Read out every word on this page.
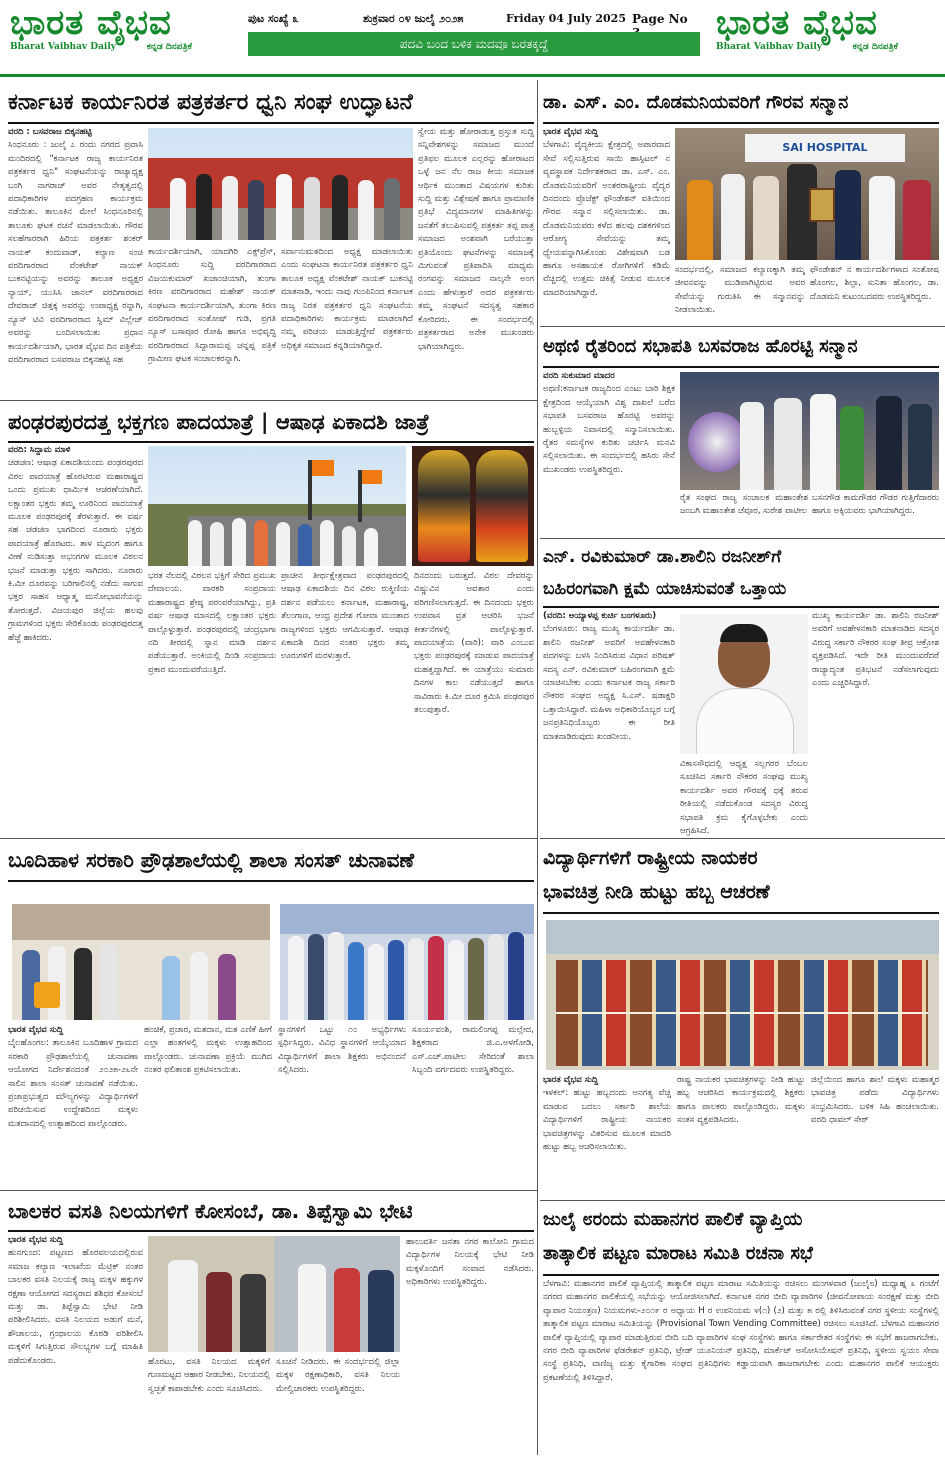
ಭಾರತ ವೈಭವ
Bharat Vaibhav Daily	ಕನ್ನಡ ದಿನಪತ್ರಿಕೆ
ಪುಟ ಸಂಖ್ಯೆ ೩	ಶುಕ್ರವಾರ ೦೪ ಜುಲೈ ೨೦೨೫	Friday 04 July 2025 Page No
ಪದವಿ ಬಂದ ಬಳಿಕ ಮದವೂ ಬರತಕ್ಕದ್ದೆ
ಭಾರತ ವೈಭವ
Bharat Vaibhav Daily	ಕನ್ನಡ ದಿನಪತ್ರಿಕೆ
ಕರ್ನಾಟಕ ಕಾರ್ಯನಿರತ ಪತ್ರಕರ್ತರ ಧ್ವನಿ ಸಂಘ ಉದ್ಘಾಟನೆ
ವರದಿ : ಬಸವರಾಜ ಬಿಕ್ಕನಹಟ್ಟಿ
ಸಿಂಧನೂರು : ಜುಲೈ ೭ ರಂದು ನಗರದ ಪ್ರವಾಸಿ ಮಂದಿರದಲ್ಲಿ "ಕರ್ನಾಟಕ ರಾಜ್ಯ ಕಾರ್ಯನಿರತ ಪತ್ರಕರ್ತರ ಧ್ವನಿ" ಸಂಘಟನೆಯನ್ನು ರಾಜ್ಯಾಧ್ಯಕ್ಷ ಬಂಗಿ ನಾಗರಾಜ್ ಅವರ ನೇತೃತ್ವದಲ್ಲಿ ಪದಾಧಿಕಾರಿಗಳ ಪದಗ್ರಹಣ ಕಾರ್ಯಕ್ರಮ ನಡೆಯಿತು. ತಾಲೂಕಿನ ಮೇಲೆ ಸಿಂಧನೂರಿನಲ್ಲಿ ತಾಲೂಕು ಘಟಕ ರಚನೆ ಮಾಡಲಾಯಿತು. ಗೌರವ ಸಲಹೆಗಾರರಾಗಿ ಹಿರಿಯ ಪತ್ರಕರ್ತ ಶಂಕರ್ ನಾಯಕ್ ಕಂದುವಾಡ್, ಕಲ್ಯಾಣ ಸಂಚಿ ವರದಿಗಾರರಾದ ವೆಂಕಟೇಶ್ ನಾಯಕ್ ಬುಕನಟ್ಟಿಯನ್ನು ಅವರನ್ನು ತಾಲೂಕ ಅಧ್ಯಕ್ಷರ ನ್ಯಾಯ್, ಯುಸಿಸಿ ಚಾನಲ್ ವರದಿಗಾರರಾದ ದೇವರಾಜ್ ಚಿತ್ತಕ್ಕ ಅವರನ್ನು ಉಪಾಧ್ಯಕ್ಷ ರನ್ನಾಗಿ, ನ್ಯೂಸ್ ಟಿವಿ ವರದಿಗಾರರಾದ ಸ್ವಿಮ್ ವಿಲ್ಲೇಜ್ ಅವರನ್ನು ಬಂದಿಸಲಾಯಿತು ಪ್ರಧಾನ ಕಾರ್ಯದರ್ಶಿಯಾಗಿ, ಭಾರತ ವೈಭವ ದಿನ ಪತ್ರಿಕೆಯ ವರದಿಗಾರರಾದ ಬಸವರಾಜ ಬಿಕ್ಕನಹಟ್ಟಿ ಸಹ
ಕಾರ್ಯದರ್ಶಿಯಾಗಿ, ಯಾದಗಿರಿ ಎಕ್ಸ್‌ಪ್ರೆಸ್, ಸಿಂಧನೂರು ಸುದ್ದಿ ವರದಿಗಾರರಾದ ವಿಜಯಕುಮಾರ್ ಖಜಾಂಚಿಯಾಗಿ, ತುಂಗಾ ಕಿರಣ ವರದಿಗಾರರಾದ ಮಹೇಶ್ ನಾಯಕ್ ಸಂಘಟನಾ ಕಾರ್ಯದರ್ಶಿಯಾಗಿ, ತುಂಗಾ ಕಿರಣ ವರದಿಗಾರರಾದ ಸಂತೋಷ್ ಗುಡಿ, ಪ್ರಗತಿ ನ್ಯೂಸ್ ಬಸಾಪೂರ ರೋಹಿ ಹಾಗೂ ಅಭಿವೃದ್ಧಿ ವರದಿಗಾರರಾದ ಸಿದ್ದಾರಾಮಪ್ಪ ಚನ್ನಪ್ಪ ಪತ್ರಿಕೆ ಗ್ರಾಮೀಣ ಘಟಕ ಸಂಚಾಲಕರನ್ನಾಗಿ.
ಸರ್ವಾನುಮತದಿಂದ ಅಧ್ಯಕ್ಷ ಮಾಡಲಾಯಿತು ಎಂದು ಸಂಘಟನಾ ಕಾರ್ಯನಿರತ ಪತ್ರಕರ್ತರ ಧ್ವನಿ ತಾಲೂಕ ಅಧ್ಯಕ್ಷ ವೆಂಕಟೇಶ್ ನಾಯಕ್ ಬುಕನಟ್ಟಿ ಮಾತನಾಡಿ, ಇಂದು ನಾವು ಗುಂಪಿನಿಂದ ಕರ್ನಾಟಕ ರಾಜ್ಯ ನಿರತ ಪತ್ರಕರ್ತರ ಧ್ವನಿ ಸಂಘಟನೆಯ ಪದಾಧಿಕಾರಿಗಳು ಕಾರ್ಯಕ್ರಮ ಮಾಡಲಾಗಿದೆ ನಮ್ಮ ಪರಿಚಯ ಮಾಡುತ್ತಿದ್ದೇವೆ ಪತ್ರಕರ್ತರು ಅಧಿಕೃತ ಸಮಾಜದ ಕನ್ನಡಿಯಾಗಿದ್ದಾರೆ.
ಸ್ವೇಯ ಮತ್ತು ಹೋರಾಡುತ್ತ ಪ್ರಸ್ತುತ ಸುದ್ದಿ ಸನ್ನಿವೇಶಗಳನ್ನು ಸಮಾಜದ ಮುಂದೆ ಪ್ರತಿಫಲ ಮೂಲಕ ಎಲ್ಲರನ್ನು ಹೋರಾಟದ ಒಳ್ಳೆ ಜನ ನೆಲ ರಾಜ ಕೀಯ ಸಮಾಜಕ ಆರ್ಥಿಕ ಮುಂತಾದ ವಿಷಯಗಳ ಕುರಿತು ಸುದ್ದಿ ಮತ್ತು ವಿಶ್ಲೇಷಣೆ ಹಾಗೂ ಪ್ರಾಮಾಣಿಕ ಪ್ರತಿಭೆ ವಿದ್ಯಮಾನಗಳ ಮಾಹಿತಿಗಳನ್ನು ಜನತೆಗೆ ತಲುಪಿಸುವಲ್ಲಿ ಪತ್ರಕರ್ತ ತಪ್ಪ ಪಾತ್ರ ಸಮಾಜದ ಅಂಶವಾಗಿ ಬರೆಯುತ್ತಾ ಪ್ರತಿಯೊಂದು ಘಟನೆಗಳನ್ನು ಸಮಾಜಕ್ಕೆ ಮಿಗುವಂತೆ ಪ್ರತಿಪಾದಿಸಿ ಮಾಧ್ಯಮ ರಂಗವನ್ನು ಸಮಾಜದ ನಾಲ್ಕನೇ ಅಂಗ ಎಂದು ಹೇಳುತ್ತಾರೆ ಅದರ ಪತ್ರಕರ್ತರು ತಮ್ಮ ಸಂಘಟನೆ ಸದಸ್ಯತ್ವ ಸಹಕಾರ ಕೋರಿದರು. ಈ ಸಂದರ್ಭದಲ್ಲಿ ಪತ್ರಕರ್ತರಾದ ಅನೇಕ ಮುಖಂಡರು ಭಾಗಿಯಾಗಿದ್ದರು.
ಡಾ. ಎಸ್. ಎಂ. ದೊಡಮನಿಯವರಿಗೆ ಗೌರವ ಸನ್ಮಾನ
ಭಾರತ ವೈಭವ ಸುದ್ದಿ
ಬೆಳಗಾವಿ: ವೈದ್ಯಕೀಯ ಕ್ಷೇತ್ರದಲ್ಲಿ ಅಪಾರವಾದ ಸೇವೆ ಸಲ್ಲಿಸುತ್ತಿರುವ ಸಾಯಿ ಹಾಸ್ಪಿಟಲ್ ನ ವ್ಯವಸ್ಥಾಪಕ ನಿರ್ದೇಶಕರಾದ ಡಾ. ಎಸ್. ಎಂ. ದೊಡಮನಿಯವರಿಗೆ ಅಂತರರಾಷ್ಟ್ರೀಯ ವೈದ್ಯರ ದಿನದಂದು ಪ್ರೊಜೆಕ್ಟ್ ಫೌಂಡೇಶನ್ ವತಿಯಿಂದ ಗೌರವ ಸನ್ಮಾನ ಸಲ್ಲಿಸಲಾಯಿತು. ಡಾ. ದೊಡಮನಿಯವರು ಕಳೆದ ಹಲವು ದಶಕಗಳಿಂದ ಆರೋಗ್ಯ ಸೇವೆಯನ್ನು ತಮ್ಮ ಧ್ಯೇಯವನ್ನಾಗಿಸಿಕೊಂಡು ವಿಶೇಷವಾಗಿ ಬಡ ಹಾಗೂ ಅಸಹಾಯಕ ರೋಗಿಗಳಿಗೆ ಕಡಿಮೆ ವೆಚ್ಚದಲ್ಲಿ ಉತ್ತಮ ಚಿಕಿತ್ಸೆ ನೀಡುವ ಮೂಲಕ ಮಾದರಿಯಾಗಿದ್ದಾರೆ.
SAI HOSPITAL
ಸಂದರ್ಭದಲ್ಲಿ, ಸಮಾಜದ ಕಲ್ಯಾಣಕ್ಕಾಗಿ ತಮ್ಮ ಜೀವನವನ್ನು ಮುಡಿಪಾಗಿಟ್ಟಿರುವ ಅವರ ಸೇವೆಯನ್ನು ಗುರುತಿಸಿ ಈ ಸನ್ಮಾನವನ್ನು ನೀಡಲಾಯಿತು.
ಫೌಂಡೇಶನ್ ನ ಕಾರ್ಯದರ್ಶಿಗಳಾದ ಸಂತೋಷ ಹೊಂಗಲ, ಶಿಲ್ಪಾ, ಸುನಿತಾ ಹೊಂಗಲ, ಡಾ. ದೊಡಮನಿ ಕುಟುಂಬದವರು ಉಪಸ್ಥಿತರಿದ್ದರು.
ಅಥಣಿ ರೈತರಿಂದ ಸಭಾಪತಿ ಬಸವರಾಜ ಹೊರಟ್ಟಿ ಸನ್ಮಾನ
ವರದಿ ಸುಕುಮಾರ ಮಾದರ
ಅಥಣಿ:ಕರ್ನಾಟಕ ರಾಜ್ಯದಿಂದ ಎಂಟು ಬಾರಿ ಶಿಕ್ಷಕ ಕ್ಷೇತ್ರದಿಂದ ಆಯ್ಕೆಯಾಗಿ ವಿಶ್ವ ದಾಖಲೆ ಬರೆದ ಸಭಾಪತಿ ಬಸವರಾಜ ಹೊರಟ್ಟಿ ಅವರನ್ನು ಹುಬ್ಬಳ್ಳಿಯ ನಿವಾಸದಲ್ಲಿ ಸನ್ಮಾನಿಸಲಾಯಿತು. ರೈತರ ಸಮಸ್ಯೆಗಳ ಕುರಿತು ಚರ್ಚಿಸಿ ಮನವಿ ಸಲ್ಲಿಸಲಾಯಿತು. ಈ ಸಂದರ್ಭದಲ್ಲಿ ಹಸಿರು ಸೇನೆ ಮುಖಂಡರು ಉಪಸ್ಥಿತರಿದ್ದರು.
ರೈತ ಸಂಘದ ರಾಜ್ಯ ಸಂಚಾಲಕ ಮಹಾಂತೇಶ ಜಂಬಗಿ ಮಹಾಂತೇಶ ಜೆವೂರ, ಸುರೇಶ ಪಾಟೀಲ
ಬಸನಗೌಡ ಕಾಮಗೌಡರ ಗೌಡರ ಗುತ್ತಿಗೆದಾರರು ಹಾಗೂ ಅಕ್ಕಿಯವರು ಭಾಗಿಯಾಗಿದ್ದರು.
ಪಂಢರಪುರದತ್ತ ಭಕ್ತಗಣ ಪಾದಯಾತ್ರೆ | ಆಷಾಢ ಏಕಾದಶಿ ಜಾತ್ರೆ
ವರದಿ: ಸಿದ್ದಾಮ ಮಾಳಿ
ಚಡಚಣ: ಆಷಾಢ ಏಕಾದಶಿಯಂದು ಪಂಢರಪುರದ ವಿಠಲ ಪಾದಯಾತ್ರೆ ಹೊರಟಿರುವ ಮಹಾರಾಷ್ಟ್ರದ ಒಂದು ಪ್ರಮುಖ ಧಾರ್ಮಿಕ ಆಚರಣೆಯಾಗಿದೆ. ಲಕ್ಷಾಂತರ ಭಕ್ತರು ತಮ್ಮ ಊರಿನಿಂದ ಪಾದಯಾತ್ರೆ ಮೂಲಕ ಪಂಢರಪುರಕ್ಕೆ ತೆರಳುತ್ತಾರೆ. ಈ ವರ್ಷ ಸಹ ಚಡಚಣ ಭಾಗದಿಂದ ನೂರಾರು ಭಕ್ತರು ಪಾದಯಾತ್ರೆ ಹೊರಟರು. ತಾಳ ಮೃದಂಗ ಹಾಗೂ ವೀಣೆ ನುಡಿಸುತ್ತಾ ಅಭಂಗಗಳ ಮೂಲಕ ವಿಠಲನ ಭಜನೆ ಮಾಡುತ್ತಾ ಭಕ್ತರು ಸಾಗಿದರು. ನೂರಾರು ಕಿ.ಮೀ ದೂರವನ್ನು ಬರಿಗಾಲಿನಲ್ಲಿ ನಡೆದು ಸಾಗುವ ಭಕ್ತರ ಸಾಹಸ ಆಧ್ಯಾತ್ಮ ಮನೋಭಾವನೆಯನ್ನು ತೋರುತ್ತದೆ. ವಿಜಯಪುರ ಜಿಲ್ಲೆಯ ಹಲವು ಗ್ರಾಮಗಳಿಂದ ಭಕ್ತರು ಸೇರಿಕೊಂಡು ಪಂಢರಪುರದತ್ತ ಹೆಜ್ಜೆ ಹಾಕಿದರು.
ಭರತ ನೆಲದಲ್ಲಿ ವಿಠಲನ ಭಕ್ತಿಗೆ ಸೇರಿದ ಪ್ರಮುಖ ದೇವಾಲಯ. ವಾರಕರಿ ಸಂಪ್ರದಾಯ ಮಹಾರಾಷ್ಟ್ರದ ಶ್ರೇಷ್ಠ ಪರಂಪರೆಯಾಗಿದ್ದು, ಪ್ರತಿ ವರ್ಷ ಆಷಾಢ ಮಾಸದಲ್ಲಿ ಲಕ್ಷಾಂತರ ಭಕ್ತರು ಪಾಲ್ಗೊಳ್ಳುತ್ತಾರೆ. ಪಂಢರಪುರದಲ್ಲಿ ಚಂದ್ರಭಾಗಾ ನದಿ ತೀರದಲ್ಲಿ ಸ್ನಾನ ಮಾಡಿ ದರ್ಶನ ಪಡೆಯುತ್ತಾರೆ. ಅಂಕಿಯಲ್ಲಿ ದಿಂಡಿ ಸಂಪ್ರದಾಯ ಪ್ರಕಾರ ಮುಂದುವರೆಯುತ್ತಿದೆ.
ಪ್ರಾಚೀನ ತೀರ್ಥಕ್ಷೇತ್ರವಾದ ಪಂಢರಪುರದಲ್ಲಿ ಆಷಾಢ ಏಕಾದಶಿಯ ದಿನ ವಿಠಲ ರುಕ್ಮಿಣಿಯ ದರ್ಶನ ಪಡೆಯಲು ಕರ್ನಾಟಕ, ಮಹಾರಾಷ್ಟ್ರ, ತೆಲಂಗಾಣ, ಆಂಧ್ರ ಪ್ರದೇಶ ಗೋವಾ ಮುಂತಾದ ರಾಜ್ಯಗಳಿಂದ ಭಕ್ತರು ಆಗಮಿಸುತ್ತಾರೆ. ಆಷಾಢ ಏಕಾದಶಿ ದಿನದ ನಂತರ ಭಕ್ತರು ತಮ್ಮ ಊರುಗಳಿಗೆ ಮರಳುತ್ತಾರೆ.
ದಿನದಂದು ಬರುತ್ತದೆ. ವಿಠಲ ದೇವರನ್ನು ವಿಷ್ಣುವಿನ ಅವತಾರ ಎಂದು ಪರಿಗಣಿಸಲಾಗುತ್ತದೆ. ಈ ದಿನದಂದು ಭಕ್ತರು ಉಪವಾಸ ವ್ರತ ಆಚರಿಸಿ ಭಜನೆ ಕೀರ್ತನೆಗಳಲ್ಲಿ ಪಾಲ್ಗೊಳ್ಳುತ್ತಾರೆ. ಪಾದಯಾತ್ರೆಯ (ವಾರಿ): ವಾರಿ ಎಂಬುವ ಭಕ್ತರು ಪಂಢರಪುರಕ್ಕೆ ಮಾಡುವ ಪಾದಯಾತ್ರೆ ಮಹತ್ವದ್ದಾಗಿದೆ. ಈ ಯಾತ್ರೆಯು ಸುಮಾರು ದಿನಗಳ ಕಾಲ ನಡೆಯುತ್ತದೆ ಹಾಗೂ ಸಾವಿರಾರು ಕಿ.ಮೀ ದೂರ ಕ್ರಮಿಸಿ ಪಂಢರಪುರ ತಲುಪುತ್ತಾರೆ.
ಎನ್. ರವಿಕುಮಾರ್ ಡಾ.ಶಾಲಿನಿ ರಜನೀಶ್‌ಗೆ
ಬಹಿರಂಗವಾಗಿ ಕ್ಷಮೆ ಯಾಚಿಸುವಂತೆ ಒತ್ತಾಯ
(ವರದಿ: ಅಯ್ಯಾಳಪ್ಪ ಕುರ್ಚಿ ಬಂಗಳೂರು)
ಬೆಂಗಳೂರು: ರಾಜ್ಯ ಮುಖ್ಯ ಕಾರ್ಯದರ್ಶಿ ಡಾ. ಶಾಲಿನಿ ರಜನೀಶ್ ಅವರಿಗೆ ಅವಹೇಳನಕಾರಿ ಪದಗಳನ್ನು ಬಳಸಿ ನಿಂದಿಸಿರುವ ವಿಧಾನ ಪರಿಷತ್ ಸದಸ್ಯ ಎನ್. ರವಿಕುಮಾರ್ ಬಹಿರಂಗವಾಗಿ ಕ್ಷಮೆ ಯಾಚಿಸಬೇಕು ಎಂದು ಕರ್ನಾಟಕ ರಾಜ್ಯ ಸರ್ಕಾರಿ ನೌಕರರ ಸಂಘದ ಅಧ್ಯಕ್ಷ ಸಿ.ಎಸ್. ಷಡಾಕ್ಷರಿ ಒತ್ತಾಯಿಸಿದ್ದಾರೆ. ಮಹಿಳಾ ಅಧಿಕಾರಿಯೊಬ್ಬರ ಬಗ್ಗೆ ಜನಪ್ರತಿನಿಧಿಯೊಬ್ಬರು ಈ ರೀತಿ ಮಾತನಾಡಿರುವುದು ಖಂಡನೀಯ.
ವಿಕಾಸಸೌಧದಲ್ಲಿ ಆಧ್ಯಕ್ಷ ಸಲ್ಲಗರರ ಬೆಂಬಲ ಸೂಚಿಸಿದ ಸರ್ಕಾರಿ ನೌಕರರ ಸಂಘವು ಮುಖ್ಯ ಕಾರ್ಯದರ್ಶಿ ಅವರ ಗೌರವಕ್ಕೆ ಧಕ್ಕೆ ತರುವ ರೀತಿಯಲ್ಲಿ ನಡೆದುಕೊಂಡ ಸದಸ್ಯರ ವಿರುದ್ಧ ಸಭಾಪತಿ ಕ್ರಮ ಕೈಗೊಳ್ಳಬೇಕು ಎಂದು ಆಗ್ರಹಿಸಿದೆ.
ಮುಖ್ಯ ಕಾರ್ಯದರ್ಶಿ ಡಾ. ಶಾಲಿನಿ ರಜನೀಶ್ ಅವರಿಗೆ ಅವಹೇಳನಕಾರಿ ಮಾತನಾಡಿದ ಸದಸ್ಯರ ವಿರುದ್ಧ ಸರ್ಕಾರಿ ನೌಕರರ ಸಂಘ ತೀವ್ರ ಆಕ್ರೋಶ ವ್ಯಕ್ತಪಡಿಸಿದೆ. ಇದೇ ರೀತಿ ಮುಂದುವರೆದರೆ ರಾಜ್ಯಾದ್ಯಂತ ಪ್ರತಿಭಟನೆ ನಡೆಸಲಾಗುವುದು ಎಂದು ಎಚ್ಚರಿಸಿದ್ದಾರೆ.
ಬೂದಿಹಾಳ ಸರಕಾರಿ ಪ್ರೌಢಶಾಲೆಯಲ್ಲಿ ಶಾಲಾ ಸಂಸತ್ ಚುನಾವಣೆ
ಭಾರತ ವೈಭವ ಸುದ್ದಿ
ಬೈಲಹೊಂಗಲ: ತಾಲೂಕಿನ ಬೂದಿಹಾಳ ಗ್ರಾಮದ ಸರಕಾರಿ ಪ್ರೌಢಶಾಲೆಯಲ್ಲಿ ಚುನಾವಣಾ ಆಯೋಗದ ನಿರ್ದೇಶನದಂತೆ ೨೦೨೫-೨೬ನೇ ಸಾಲಿನ ಶಾಲಾ ಸಂಸತ್ ಚುನಾವಣೆ ನಡೆಯಿತು. ಪ್ರಜಾಪ್ರಭುತ್ವದ ಮೌಲ್ಯಗಳನ್ನು ವಿದ್ಯಾರ್ಥಿಗಳಿಗೆ ಪರಿಚಯಿಸುವ ಉದ್ದೇಶದಿಂದ ಮಕ್ಕಳು ಮತದಾನದಲ್ಲಿ ಉತ್ಸಾಹದಿಂದ ಪಾಲ್ಗೊಂಡರು.
ಹಂಚಿಕೆ, ಪ್ರಚಾರ, ಮತದಾನ, ಮತ ಎಣಿಕೆ ಹೀಗೆ ಎಲ್ಲಾ ಹಂತಗಳಲ್ಲಿ ಮಕ್ಕಳು ಉತ್ಸಾಹದಿಂದ ಪಾಲ್ಗೊಂಡರು. ಚುನಾವಣಾ ಪ್ರಕ್ರಿಯೆ ಮುಗಿದ ನಂತರ ಫಲಿತಾಂಶ ಪ್ರಕಟಿಸಲಾಯಿತು.
ಸ್ಥಾನಗಳಿಗೆ ಒಟ್ಟು ೧೦ ಅಭ್ಯರ್ಥಿಗಳು ಸ್ಪರ್ಧಿಸಿದ್ದರು. ವಿವಿಧ ಸ್ಥಾನಗಳಿಗೆ ಆಯ್ಕೆಯಾದ ವಿದ್ಯಾರ್ಥಿಗಳಿಗೆ ಶಾಲಾ ಶಿಕ್ಷಕರು ಅಭಿನಂದನೆ ಸಲ್ಲಿಸಿದರು.
ಸೂರ್ಯವಂಶಿ, ರಾಮಲಿಂಗಪ್ಪ ಮಲ್ಲೇದ, ಶಿಕ್ಷಕರಾದ ಜಿ.ಎ.ಅಳಗೋಡಿ, ಎಸ್.ಎಚ್.ಪಾಟೀಲ ಸೇರಿದಂತೆ ಶಾಲಾ ಸಿಬ್ಬಂದಿ ವರ್ಗದವರು ಉಪಸ್ಥಿತರಿದ್ದರು.
ವಿದ್ಯಾರ್ಥಿಗಳಿಗೆ ರಾಷ್ಟ್ರೀಯ ನಾಯಕರ
ಭಾವಚಿತ್ರ ನೀಡಿ ಹುಟ್ಟು ಹಬ್ಬ ಆಚರಣೆ
ಭಾರತ ವೈಭವ ಸುದ್ದಿ
ಇಳಕಲ್: ಹುಟ್ಟು ಹಬ್ಬದಂದು ಅನಗತ್ಯ ವೆಚ್ಚ ಮಾಡುವ ಬದಲು ಸರ್ಕಾರಿ ಶಾಲೆಯ ವಿದ್ಯಾರ್ಥಿಗಳಿಗೆ ರಾಷ್ಟ್ರೀಯ ನಾಯಕರ ಭಾವಚಿತ್ರಗಳನ್ನು ವಿತರಿಸುವ ಮೂಲಕ ಮಾದರಿ ಹುಟ್ಟು ಹಬ್ಬ ಆಚರಿಸಲಾಯಿತು.
ರಾಷ್ಟ್ರ ನಾಯಕರ ಭಾವಚಿತ್ರಗಳನ್ನು ನೀಡಿ ಹುಟ್ಟು ಹಬ್ಬ ಆಚರಿಸಿದ ಕಾರ್ಯಕ್ರಮದಲ್ಲಿ ಶಿಕ್ಷಕರು ಹಾಗೂ ಪಾಲಕರು ಪಾಲ್ಗೊಂಡಿದ್ದರು. ಮಕ್ಕಳು ಸಂತಸ ವ್ಯಕ್ತಪಡಿಸಿದರು.
ಜಿಲ್ಲೆಯಿಂದ ಹಾಗೂ ಶಾಲೆ ಮಕ್ಕಳು ಮಹಾತ್ಮರ ಭಾವಚಿತ್ರ ಪಡೆದು ವಿದ್ಯಾರ್ಥಿಗಳು ಸಂಭ್ರಮಿಸಿದರು. ಬಳಿಕ ಸಿಹಿ ಹಂಚಲಾಯಿತು. ವರದಿ ಧಾವಲ್ ಸೇಠ್
ಬಾಲಕರ ವಸತಿ ನಿಲಯಗಳಿಗೆ ಕೋಸಂಬೆ, ಡಾ. ತಿಪ್ಪೆಸ್ವಾಮಿ ಭೇಟಿ
ಭಾರತ ವೈಭವ ಸುದ್ದಿ
ಹುನಗುಂದ: ಪಟ್ಟಣದ ಹೊರವಲಯದಲ್ಲಿರುವ ಸಮಾಜ ಕಲ್ಯಾಣ ಇಲಾಖೆಯ ಮೆಟ್ರಿಕ್ ನಂತರ ಬಾಲಕರ ವಸತಿ ನಿಲಯಕ್ಕೆ ರಾಜ್ಯ ಮಕ್ಕಳ ಹಕ್ಕುಗಳ ರಕ್ಷಣಾ ಆಯೋಗದ ಸದಸ್ಯರಾದ ಶಶಿಧರ ಕೋಸಂಬೆ ಮತ್ತು ಡಾ. ತಿಪ್ಪೆಸ್ವಾಮಿ ಭೇಟಿ ನೀಡಿ ಪರಿಶೀಲಿಸಿದರು. ವಸತಿ ನಿಲಯದ ಅಡುಗೆ ಮನೆ, ಶೌಚಾಲಯ, ಗ್ರಂಥಾಲಯ ಕೊಠಡಿ ಪರಿಶೀಲಿಸಿ ಮಕ್ಕಳಿಗೆ ಸಿಗುತ್ತಿರುವ ಸೌಲಭ್ಯಗಳ ಬಗ್ಗೆ ಮಾಹಿತಿ ಪಡೆದುಕೊಂಡರು.	ಹೊರಟು, ವಸತಿ ನಿಲಯದ ಮಕ್ಕಳಿಗೆ ಗುಣಮಟ್ಟದ ಆಹಾರ ನೀಡಬೇಕು. ನಿಲಯದಲ್ಲಿ ಸ್ವಚ್ಛತೆ ಕಾಪಾಡಬೇಕು ಎಂದು ಸೂಚಿಸಿದರು.
ಸೂಚನೆ ನೀಡಿದರು. ಈ ಸಂದರ್ಭದಲ್ಲಿ ಜಿಲ್ಲಾ ಮಕ್ಕಳ ರಕ್ಷಣಾಧಿಕಾರಿ, ವಸತಿ ನಿಲಯ ಮೇಲ್ವಿಚಾರಕರು ಉಪಸ್ಥಿತರಿದ್ದರು.
ಹಾಲುವರ್ತಿ ಜನತಾ ನಗರ ಕಾಲೋನಿ ಗ್ರಾಮದ ವಿದ್ಯಾರ್ಥಿಗಳ ನಿಲಯಕ್ಕೆ ಭೇಟಿ ನೀಡಿ ಮಕ್ಕಳೊಂದಿಗೆ ಸಂವಾದ ನಡೆಸಿದರು. ಅಧಿಕಾರಿಗಳು ಉಪಸ್ಥಿತರಿದ್ದರು.
ಜುಲೈ ೮ರಂದು ಮಹಾನಗರ ಪಾಲಿಕೆ ವ್ಯಾಪ್ತಿಯ
ತಾತ್ಕಾಲಿಕ ಪಟ್ಟಣ ಮಾರಾಟ ಸಮಿತಿ ರಚನಾ ಸಭೆ
ಬೆಳಗಾವಿ: ಮಹಾನಗರ ಪಾಲಿಕೆ ವ್ಯಾಪ್ತಿಯಲ್ಲಿ ತಾತ್ಕಾಲಿಕ ಪಟ್ಟಣ ಮಾರಾಟ ಸಮಿತಿಯನ್ನು ರಚಿಸಲು ಮಂಗಳವಾರ (ಜುಲೈ೮) ಮಧ್ಯಾಹ್ನ ೩ ಗಂಟೆಗೆ ನಗರದ ಮಹಾನಗರ ಪಾಲಿಕೆಯಲ್ಲಿ ಸಭೆಯನ್ನು ಆಯೋಜಿಸಲಾಗಿದೆ. ಕರ್ನಾಟಕ ನಗರ ಬೀದಿ ವ್ಯಾಪಾರಿಗಳ (ಜೀವನೋಪಾಯ ಸಂರಕ್ಷಣೆ ಮತ್ತು ಬೀದಿ ವ್ಯಾಪಾರ ನಿಯಂತ್ರಣ) ನಿಯಮಗಳು-೨೦೧೯ ರ ಅಧ್ಯಾಯ H ರ ಉಪನಿಯಮ ೪(೧) (೨) ಮತ್ತು ೫ ರಲ್ಲಿ ತಿಳಿಸಿರುವಂತೆ ನಗರ ಸ್ಥಳೀಯ ಸಂಸ್ಥೆಗಳಲ್ಲಿ ತಾತ್ಕಾಲಿಕ ಪಟ್ಟಣ ಮಾರಾಟ ಸಮಿತಿಯನ್ನು (Provisional Town Vending Committee) ರಚಿಸಲು ಸೂಚಿಸಿದೆ. ಬೆಳಗಾವಿ ಮಹಾನಗರ ಪಾಲಿಕೆ ವ್ಯಾಪ್ತಿಯಲ್ಲಿ ವ್ಯಾಪಾರ ಮಾಡುತ್ತಿರುವ ಬೀದಿ ಬದಿ ವ್ಯಾಪಾರಿಗಳ ಸಂಘ ಸಂಸ್ಥೆಗಳು ಹಾಗೂ ಸರ್ಕಾರೇತರ ಸಂಸ್ಥೆಗಳು ಈ ಸಭೆಗೆ ಹಾಜರಾಗಬೇಕು. ನಗರ ಬೀದಿ ವ್ಯಾಪಾರಿಗಳ ಫೆಡರೇಶನ್ ಪ್ರತಿನಿಧಿ, ಟ್ರೇಡ್ ಯೂನಿಯನ್ ಪ್ರತಿನಿಧಿ, ಮಾರ್ಕೆಟ್ ಅಸೋಸಿಯೇಷನ್ ಪ್ರತಿನಿಧಿ, ಸ್ಥಳೀಯ ಸ್ವಯಂ ಸೇವಾ ಸಂಸ್ಥೆ ಪ್ರತಿನಿಧಿ, ವಾಣಿಜ್ಯ ಮತ್ತು ಕೈಗಾರಿಕಾ ಸಂಘದ ಪ್ರತಿನಿಧಿಗಳು ಕಡ್ಡಾಯವಾಗಿ ಹಾಜರಾಗಬೇಕು ಎಂದು ಮಹಾನಗರ ಪಾಲಿಕೆ ಆಯುಕ್ತರು ಪ್ರಕಟಣೆಯಲ್ಲಿ ತಿಳಿಸಿದ್ದಾರೆ.
